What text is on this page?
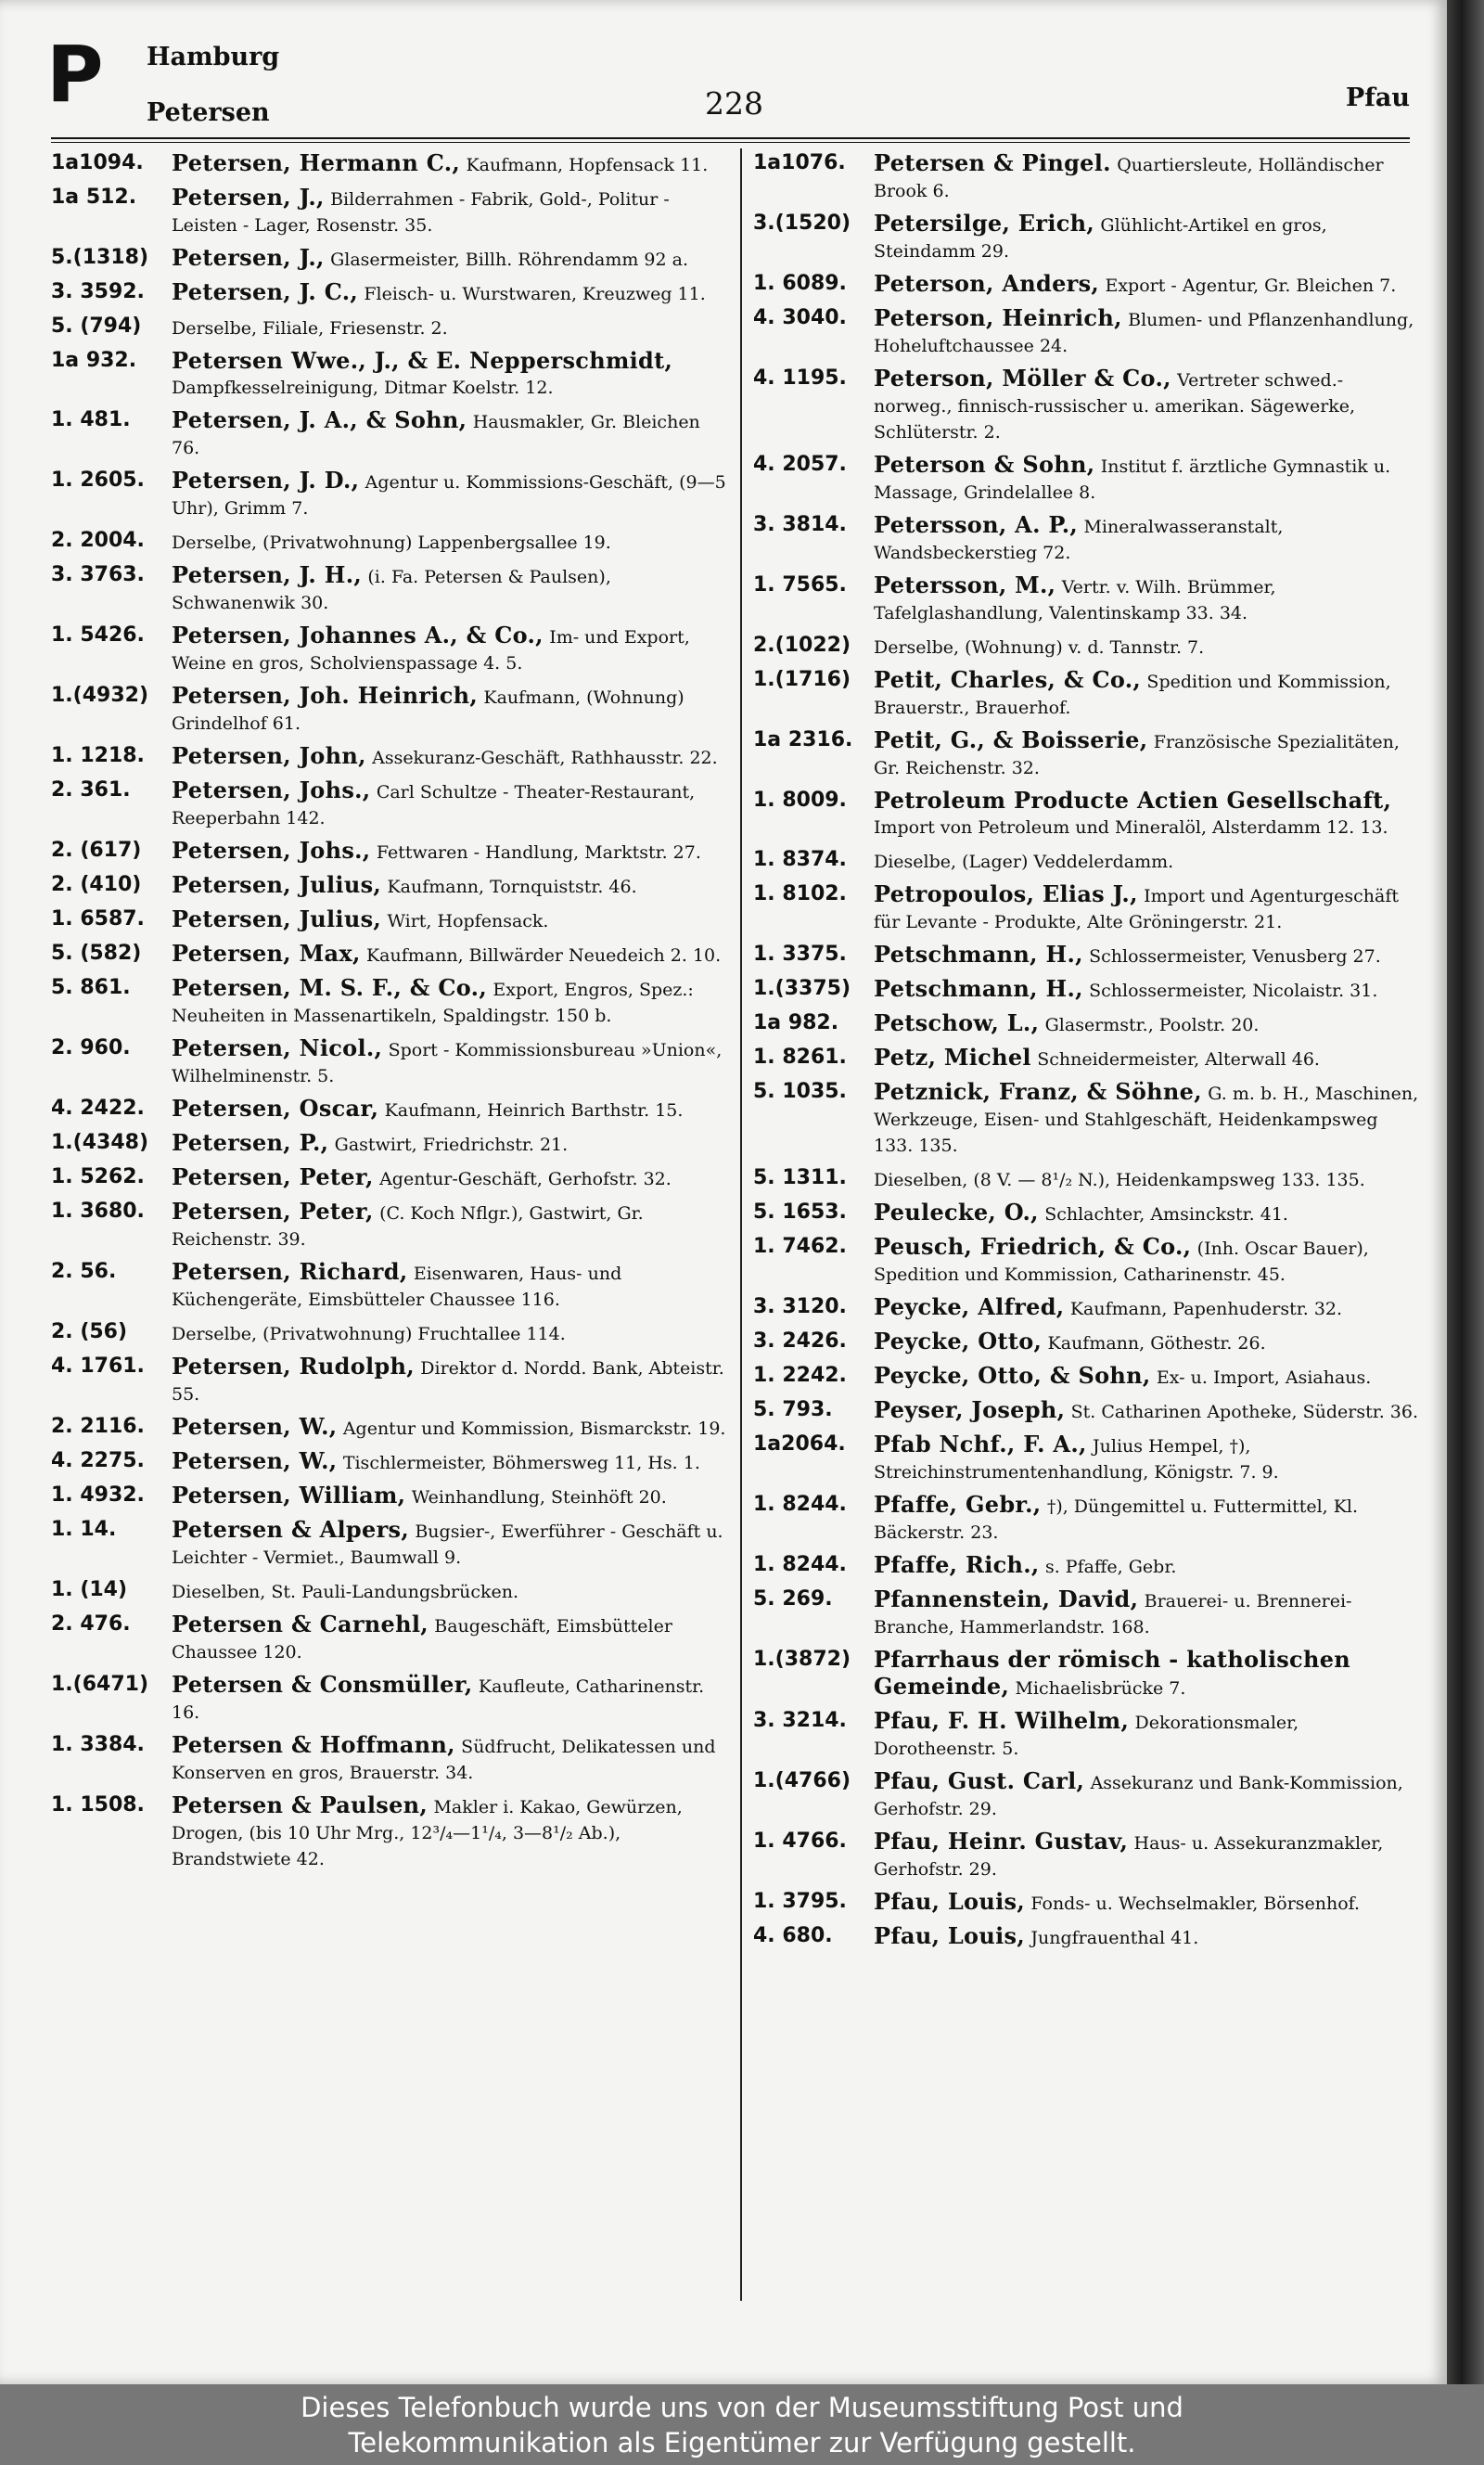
P Hamburg
Petersen	228	Pfau
1a1094.	Petersen, Hermann C., Kaufmann, Hopfensack 11.
1a 512.	Petersen, J., Bilderrahmen - Fabrik, Gold-, Politur - Leisten - Lager, Rosenstr. 35.
5.(1318)	Petersen, J., Glasermeister, Billh. Röhrendamm 92 a.
3. 3592.	Petersen, J. C., Fleisch- u. Wurstwaren, Kreuzweg 11.
5. (794)	Derselbe, Filiale, Friesenstr. 2.
1a 932.	Petersen Wwe., J., & E. Nepperschmidt, Dampfkesselreinigung, Ditmar Koelstr. 12.
1. 481.	Petersen, J. A., & Sohn, Hausmakler, Gr. Bleichen 76.
1. 2605.	Petersen, J. D., Agentur u. Kommissions-Geschäft, (9—5 Uhr), Grimm 7.
2. 2004.	Derselbe, (Privatwohnung) Lappenbergsallee 19.
3. 3763.	Petersen, J. H., (i. Fa. Petersen & Paulsen), Schwanenwik 30.
1. 5426.	Petersen, Johannes A., & Co., Im- und Export, Weine en gros, Scholvienspassage 4. 5.
1.(4932)	Petersen, Joh. Heinrich, Kaufmann, (Wohnung) Grindelhof 61.
1. 1218.	Petersen, John, Assekuranz-Geschäft, Rathhausstr. 22.
2. 361.	Petersen, Johs., Carl Schultze - Theater-Restaurant, Reeperbahn 142.
2. (617)	Petersen, Johs., Fettwaren - Handlung, Marktstr. 27.
2. (410)	Petersen, Julius, Kaufmann, Tornquiststr. 46.
1. 6587.	Petersen, Julius, Wirt, Hopfensack.
5. (582)	Petersen, Max, Kaufmann, Billwärder Neuedeich 2. 10.
5. 861.	Petersen, M. S. F., & Co., Export, Engros, Spez.: Neuheiten in Massenartikeln, Spaldingstr. 150 b.
2. 960.	Petersen, Nicol., Sport - Kommissionsbureau »Union«, Wilhelminenstr. 5.
4. 2422.	Petersen, Oscar, Kaufmann, Heinrich Barthstr. 15.
1.(4348)	Petersen, P., Gastwirt, Friedrichstr. 21.
1. 5262.	Petersen, Peter, Agentur-Geschäft, Gerhofstr. 32.
1. 3680.	Petersen, Peter, (C. Koch Nflgr.), Gastwirt, Gr. Reichenstr. 39.
2. 56.	Petersen, Richard, Eisenwaren, Haus- und Küchengeräte, Eimsbütteler Chaussee 116.
2. (56)	Derselbe, (Privatwohnung) Fruchtallee 114.
4. 1761.	Petersen, Rudolph, Direktor d. Nordd. Bank, Abteistr. 55.
2. 2116.	Petersen, W., Agentur und Kommission, Bismarckstr. 19.
4. 2275.	Petersen, W., Tischlermeister, Böhmersweg 11, Hs. 1.
1. 4932.	Petersen, William, Weinhandlung, Steinhöft 20.
1. 14.	Petersen & Alpers, Bugsier-, Ewerführer - Geschäft u. Leichter - Vermiet., Baumwall 9.
1. (14)	Dieselben, St. Pauli-Landungsbrücken.
2. 476.	Petersen & Carnehl, Baugeschäft, Eimsbütteler Chaussee 120.
1.(6471)	Petersen & Consmüller, Kaufleute, Catharinenstr. 16.
1. 3384.	Petersen & Hoffmann, Südfrucht, Delikatessen und Konserven en gros, Brauerstr. 34.
1. 1508.	Petersen & Paulsen, Makler i. Kakao, Gewürzen, Drogen, (bis 10 Uhr Mrg., 12³/₄—1¹/₄, 3—8¹/₂ Ab.), Brandstwiete 42.
1a1076.	Petersen & Pingel. Quartiersleute, Holländischer Brook 6.
3.(1520)	Petersilge, Erich, Glühlicht-Artikel en gros, Steindamm 29.
1. 6089.	Peterson, Anders, Export - Agentur, Gr. Bleichen 7.
4. 3040.	Peterson, Heinrich, Blumen- und Pflanzenhandlung, Hoheluftchaussee 24.
4. 1195.	Peterson, Möller & Co., Vertreter schwed.-norweg., finnisch-russischer u. amerikan. Sägewerke, Schlüterstr. 2.
4. 2057.	Peterson & Sohn, Institut f. ärztliche Gymnastik u. Massage, Grindelallee 8.
3. 3814.	Petersson, A. P., Mineralwasseranstalt, Wandsbeckerstieg 72.
1. 7565.	Petersson, M., Vertr. v. Wilh. Brümmer, Tafelglashandlung, Valentinskamp 33. 34.
2.(1022)	Derselbe, (Wohnung) v. d. Tannstr. 7.
1.(1716)	Petit, Charles, & Co., Spedition und Kommission, Brauerstr., Brauerhof.
1a 2316. Petit, G., & Boisserie, Französische Spezialitäten, Gr. Reichenstr. 32.
1. 8009.	Petroleum Producte Actien Gesellschaft, Import von Petroleum und Mineralöl, Alsterdamm 12. 13.
1. 8374.	Dieselbe, (Lager) Veddelerdamm.
1. 8102.	Petropoulos, Elias J., Import und Agenturgeschäft für Levante - Produkte, Alte Gröningerstr. 21.
1. 3375.	Petschmann, H., Schlossermeister, Venusberg 27.
1.(3375)	Petschmann, H., Schlossermeister, Nicolaistr. 31.
1a 982.	Petschow, L., Glasermstr., Poolstr. 20.
1. 8261.	Petz, Michel Schneidermeister, Alterwall 46.
5. 1035.	Petznick, Franz, & Söhne, G. m. b. H., Maschinen, Werkzeuge, Eisen- und Stahlgeschäft, Heidenkampsweg 133. 135.
5. 1311.	Dieselben, (8 V. — 8¹/₂ N.), Heidenkampsweg 133. 135.
5. 1653.	Peulecke, O., Schlachter, Amsinckstr. 41.
1. 7462.	Peusch, Friedrich, & Co., (Inh. Oscar Bauer), Spedition und Kommission, Catharinenstr. 45.
3. 3120.	Peycke, Alfred, Kaufmann, Papenhuderstr. 32.
3. 2426.	Peycke, Otto, Kaufmann, Göthestr. 26.
1. 2242.	Peycke, Otto, & Sohn, Ex- u. Import, Asiahaus.
5. 793.	Peyser, Joseph, St. Catharinen Apotheke, Süderstr. 36.
1a2064.	Pfab Nchf., F. A., Julius Hempel, †), Streichinstrumentenhandlung, Königstr. 7. 9.
1. 8244.	Pfaffe, Gebr., †), Düngemittel u. Futtermittel, Kl. Bäckerstr. 23.
1. 8244.	Pfaffe, Rich., s. Pfaffe, Gebr.
5. 269.	Pfannenstein, David, Brauerei- u. Brennerei-Branche, Hammerlandstr. 168.
1.(3872)	Pfarrhaus der römisch - katholischen Gemeinde, Michaelisbrücke 7.
3. 3214.	Pfau, F. H. Wilhelm, Dekorationsmaler, Dorotheenstr. 5.
1.(4766)	Pfau, Gust. Carl, Assekuranz und Bank-Kommission, Gerhofstr. 29.
1. 4766.	Pfau, Heinr. Gustav, Haus- u. Assekuranzmakler, Gerhofstr. 29.
1. 3795.	Pfau, Louis, Fonds- u. Wechselmakler, Börsenhof.
4. 680.	Pfau, Louis, Jungfrauenthal 41.
Dieses Telefonbuch wurde uns von der Museumsstiftung Post und
Telekommunikation als Eigentümer zur Verfügung gestellt.
